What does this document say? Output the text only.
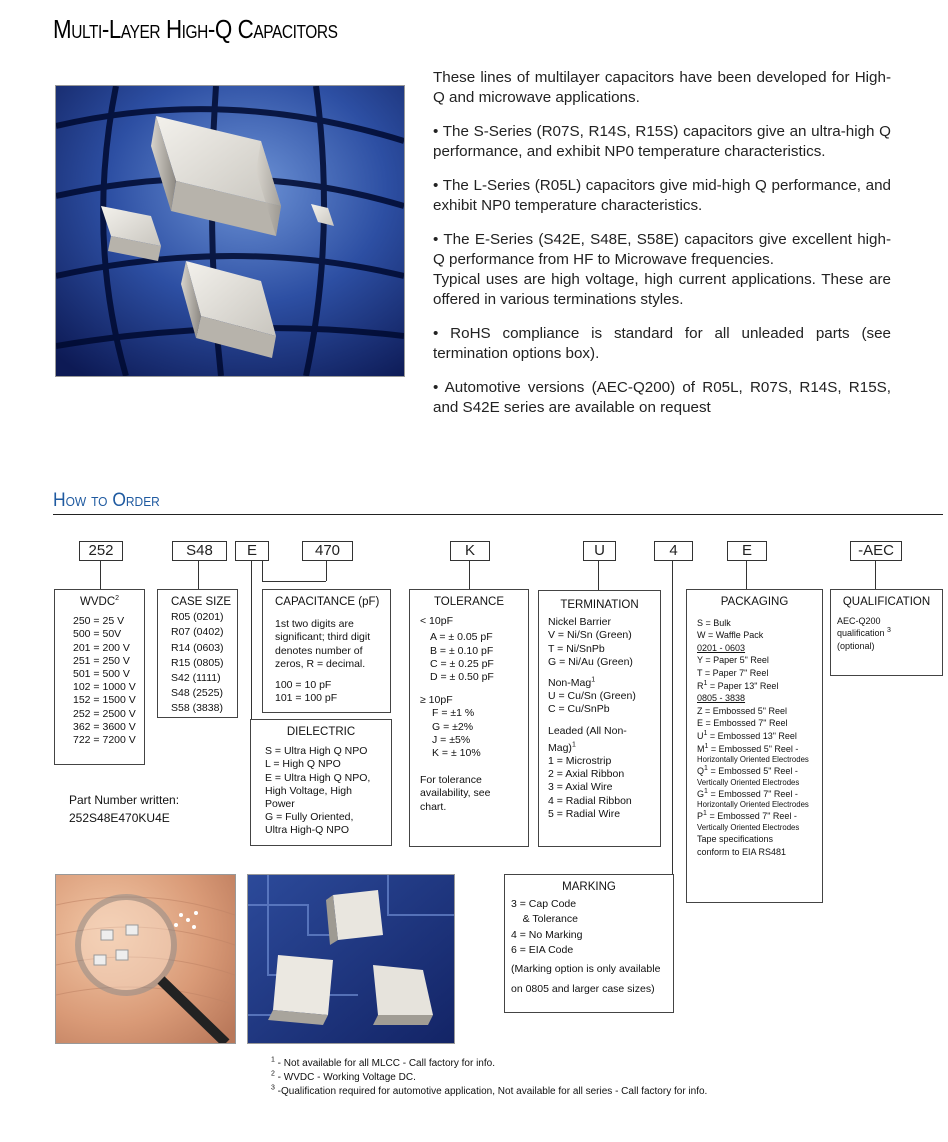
Multi-Layer High-Q Capacitors

These lines of multilayer capacitors have been developed for High-Q and microwave applications.

• The S-Series (R07S, R14S, R15S) capacitors give an ultra-high Q performance, and exhibit NP0 temperature characteristics.

• The L-Series (R05L) capacitors give mid-high Q performance, and exhibit NP0 temperature characteristics.

• The E-Series (S42E, S48E, S58E) capacitors give excellent high-Q performance from HF to Microwave frequencies.

Typical uses are high voltage, high current applications. These are offered in various terminations styles.

• RoHS compliance is standard for all unleaded parts (see termination options box).

• Automotive versions (AEC-Q200) of R05L, R07S, R14S, R15S, and S42E series are available on request

How to Order
252	S48	E	470	K	U	4	E	-AEC
WVDC$^2$
250 = 25 V
500 = 50V
201 = 200 V
251 = 250 V
501 = 500 V
102 = 1000 V
152 = 1500 V
252 = 2500 V
362 = 3600 V
722 = 7200 V
CASE SIZE
R05 (0201)
R07 (0402)
R14 (0603)
R15 (0805)
S42 (1111)
S48 (2525)
S58 (3838)
CAPACITANCE (pF)
1st two digits are
significant; third digit
denotes number of
zeros, R = decimal.
100 = 10 pF
101 = 100 pF
DIELECTRIC
S = Ultra High Q NPO
L = High Q NPO
E = Ultra High Q NPO,
High Voltage, High
Power
G = Fully Oriented,
Ultra High-Q NPO
TOLERANCE
< 10pF
A = ± 0.05 pF
B = ± 0.10 pF
C = ± 0.25 pF
D = ± 0.50 pF
≥ 10pF
F = ±1 %
G = ±2%
J = ±5%
K = ± 10%
For tolerance
availability, see
chart.
TERMINATION
Nickel Barrier
V = Ni/Sn (Green)
T = Ni/SnPb
G = Ni/Au (Green)
Non-Mag$^1$
U = Cu/Sn (Green)
C = Cu/SnPb
Leaded (All Non-
Mag)$^1$
1 = Microstrip
2 = Axial Ribbon
3 = Axial Wire
4 = Radial Ribbon
5 = Radial Wire
PACKAGING
S = Bulk
W = Waffle Pack
0201 - 0603
Y = Paper 5" Reel
T = Paper 7" Reel
$R^1$ = Paper 13" Reel
0805 - 3838
Z = Embossed 5" Reel
E = Embossed 7" Reel
$U^1$ = Embossed 13" Reel
$M^1$ = Embossed 5" Reel -
Horizontally Oriented Electrodes
$Q^1$ = Embossed 5" Reel -
Vertically Oriented Electrodes
$G^1$ = Embossed 7" Reel -
Horizontally Oriented Electrodes
$P^1$ = Embossed 7" Reel -
Vertically Oriented Electrodes
Tape specifications
conform to EIA RS481
QUALIFICATION
AEC-Q200
qualification $^3$
(optional)
MARKING
3 = Cap Code
& Tolerance
4 = No Marking
6 = EIA Code
(Marking option is only available
on 0805 and larger case sizes)
Part Number written:
252S48E470KU4E
$^1$ - Not available for all MLCC - Call factory for info.
$^2$ - WVDC - Working Voltage DC.
$^3$ -Qualification required for automotive application, Not available for all series - Call factory for info.
